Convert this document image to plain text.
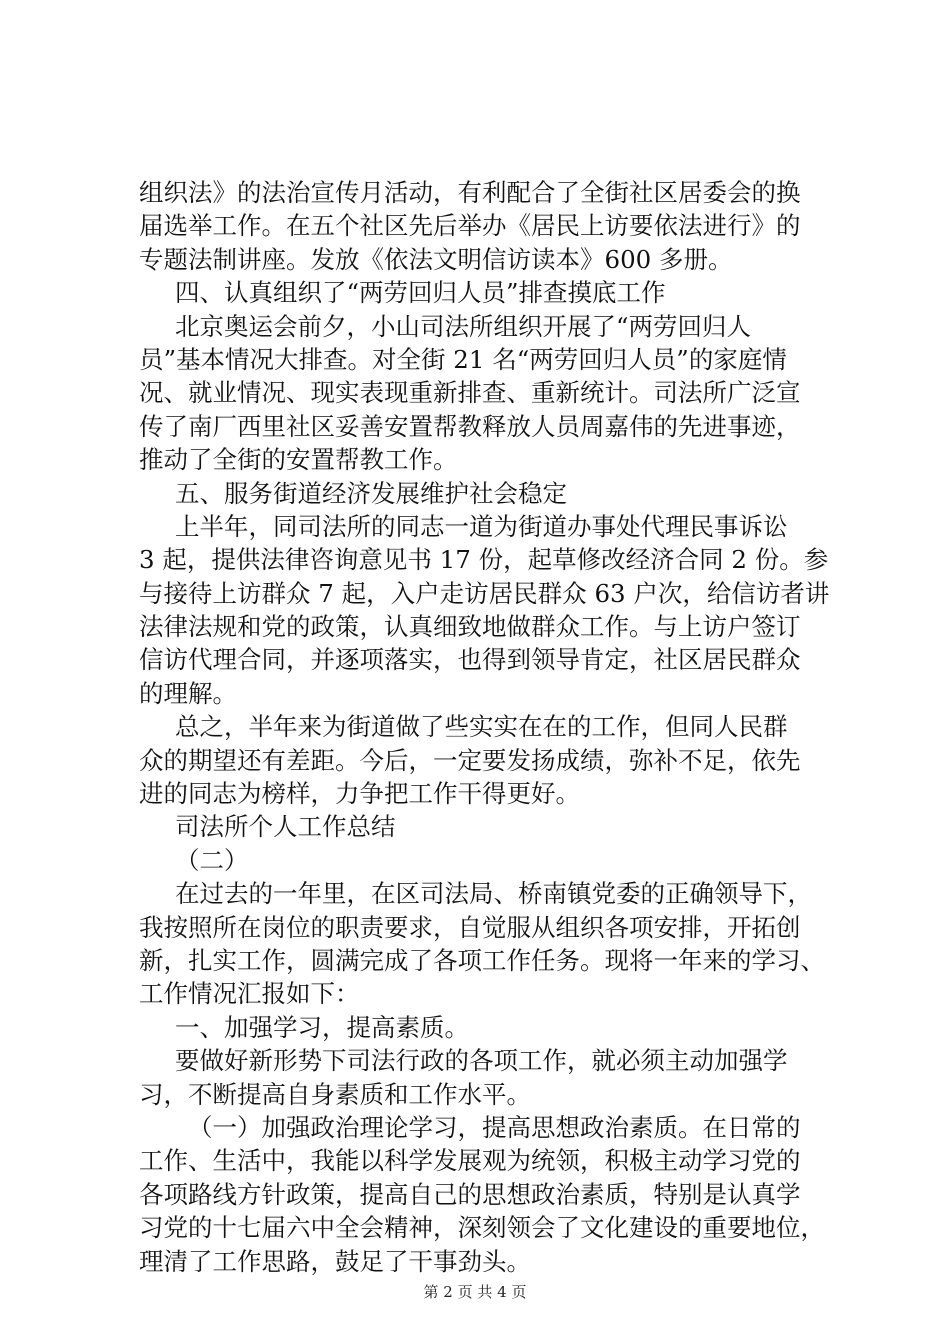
组织法》的法治宣传月活动，有利配合了全街社区居委会的换
届选举工作。在五个社区先后举办《居民上访要依法进行》的
专题法制讲座。发放《依法文明信访读本》600 多册。
四、认真组织了“两劳回归人员”排查摸底工作
北京奥运会前夕，小山司法所组织开展了“两劳回归人
员”基本情况大排查。对全街 21 名“两劳回归人员”的家庭情
况、就业情况、现实表现重新排查、重新统计。司法所广泛宣
传了南厂西里社区妥善安置帮教释放人员周嘉伟的先进事迹，
推动了全街的安置帮教工作。
五、服务街道经济发展维护社会稳定
上半年，同司法所的同志一道为街道办事处代理民事诉讼
3 起，提供法律咨询意见书 17 份，起草修改经济合同 2 份。参
与接待上访群众 7 起，入户走访居民群众 63 户次，给信访者讲
法律法规和党的政策，认真细致地做群众工作。与上访户签订
信访代理合同，并逐项落实，也得到领导肯定，社区居民群众
的理解。
总之，半年来为街道做了些实实在在的工作，但同人民群
众的期望还有差距。今后，一定要发扬成绩，弥补不足，依先
进的同志为榜样，力争把工作干得更好。
司法所个人工作总结
（二）
在过去的一年里，在区司法局、桥南镇党委的正确领导下，
我按照所在岗位的职责要求，自觉服从组织各项安排，开拓创
新，扎实工作，圆满完成了各项工作任务。现将一年来的学习、
工作情况汇报如下：
一、加强学习，提高素质。
要做好新形势下司法行政的各项工作，就必须主动加强学
习，不断提高自身素质和工作水平。
（一）加强政治理论学习，提高思想政治素质。在日常的
工作、生活中，我能以科学发展观为统领，积极主动学习党的
各项路线方针政策，提高自己的思想政治素质，特别是认真学
习党的十七届六中全会精神，深刻领会了文化建设的重要地位，
理清了工作思路，鼓足了干事劲头。
第 2 页 共 4 页
